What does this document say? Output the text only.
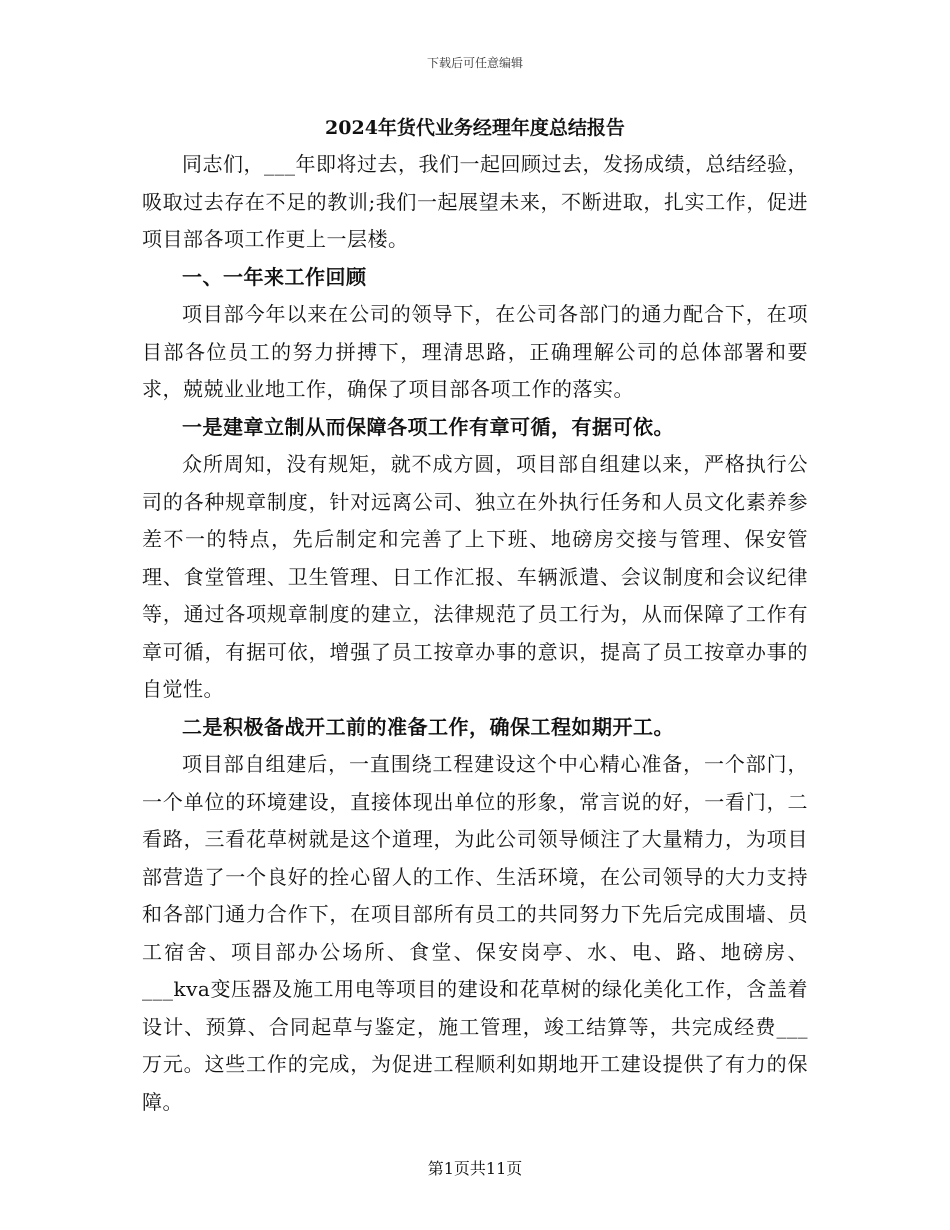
下载后可任意编辑
2024年货代业务经理年度总结报告

同志们，___年即将过去，我们一起回顾过去，发扬成绩，总结经验，吸取过去存在不足的教训;我们一起展望未来，不断进取，扎实工作，促进项目部各项工作更上一层楼。

一、一年来工作回顾

项目部今年以来在公司的领导下，在公司各部门的通力配合下，在项目部各位员工的努力拼搏下，理清思路，正确理解公司的总体部署和要求，兢兢业业地工作，确保了项目部各项工作的落实。

一是建章立制从而保障各项工作有章可循，有据可依。

众所周知，没有规矩，就不成方圆，项目部自组建以来，严格执行公司的各种规章制度，针对远离公司、独立在外执行任务和人员文化素养参差不一的特点，先后制定和完善了上下班、地磅房交接与管理、保安管理、食堂管理、卫生管理、日工作汇报、车辆派遣、会议制度和会议纪律等，通过各项规章制度的建立，法律规范了员工行为，从而保障了工作有章可循，有据可依，增强了员工按章办事的意识，提高了员工按章办事的自觉性。

二是积极备战开工前的准备工作，确保工程如期开工。

项目部自组建后，一直围绕工程建设这个中心精心准备，一个部门，一个单位的环境建设，直接体现出单位的形象，常言说的好，一看门，二看路，三看花草树就是这个道理，为此公司领导倾注了大量精力，为项目部营造了一个良好的拴心留人的工作、生活环境，在公司领导的大力支持和各部门通力合作下，在项目部所有员工的共同努力下先后完成围墙、员工宿舍、项目部办公场所、食堂、保安岗亭、水、电、路、地磅房、___kva变压器及施工用电等项目的建设和花草树的绿化美化工作，含盖着设计、预算、合同起草与鉴定，施工管理，竣工结算等，共完成经费___万元。这些工作的完成，为促进工程顺利如期地开工建设提供了有力的保障。

第1页共11页
